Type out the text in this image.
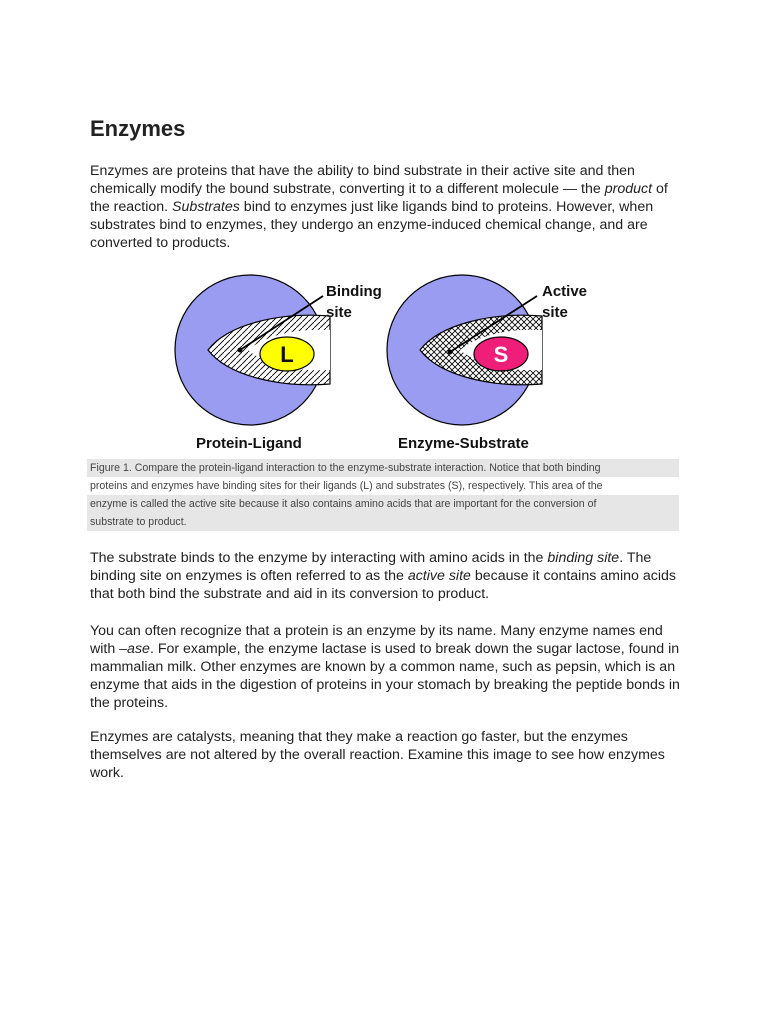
Enzymes

Enzymes are proteins that have the ability to bind substrate in their active site and then chemically modify the bound substrate, converting it to a different molecule — the product of the reaction. Substrates bind to enzymes just like ligands bind to proteins. However, when substrates bind to enzymes, they undergo an enzyme-induced chemical change, and are converted to products.

L
Binding
site
Protein-Ligand
S
Active
site
Enzyme-Substrate
Figure 1. Compare the protein-ligand interaction to the enzyme-substrate interaction. Notice that both binding
proteins and enzymes have binding sites for their ligands (L) and substrates (S), respectively. This area of the
enzyme is called the active site because it also contains amino acids that are important for the conversion of
substrate to product.

The substrate binds to the enzyme by interacting with amino acids in the binding site. The binding site on enzymes is often referred to as the active site because it contains amino acids that both bind the substrate and aid in its conversion to product.

You can often recognize that a protein is an enzyme by its name. Many enzyme names end with –ase. For example, the enzyme lactase is used to break down the sugar lactose, found in mammalian milk. Other enzymes are known by a common name, such as pepsin, which is an enzyme that aids in the digestion of proteins in your stomach by breaking the peptide bonds in the proteins.

Enzymes are catalysts, meaning that they make a reaction go faster, but the enzymes themselves are not altered by the overall reaction. Examine this image to see how enzymes work.
